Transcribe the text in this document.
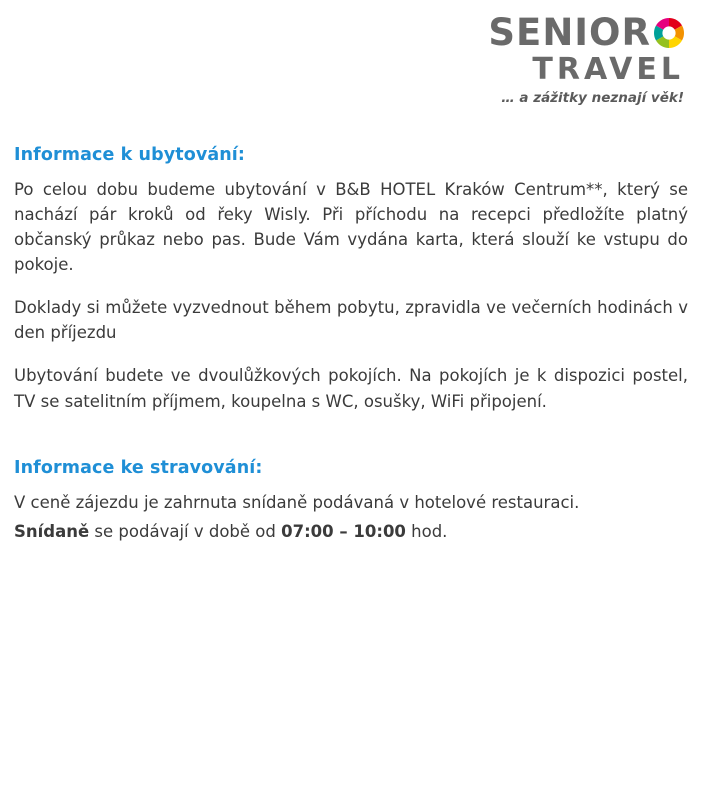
SENIOR
TRAVEL
… a zážitky neznají věk!
Informace k ubytování:

Po celou dobu budeme ubytování v B&B HOTEL Kraków Centrum**, který se nachází pár kroků od řeky Wisly. Při příchodu na recepci předložíte platný občanský průkaz nebo pas. Bude Vám vydána karta, která slouží ke vstupu do pokoje.

Doklady si můžete vyzvednout během pobytu, zpravidla ve večerních hodinách v den příjezdu

Ubytování budete ve dvoulůžkových pokojích. Na pokojích je k dispozici postel, TV se satelitním příjmem, koupelna s WC, osušky, WiFi připojení.

Informace ke stravování:

V ceně zájezdu je zahrnuta snídaně podávaná v hotelové restauraci.

Snídaně se podávají v době od 07:00 – 10:00 hod.
